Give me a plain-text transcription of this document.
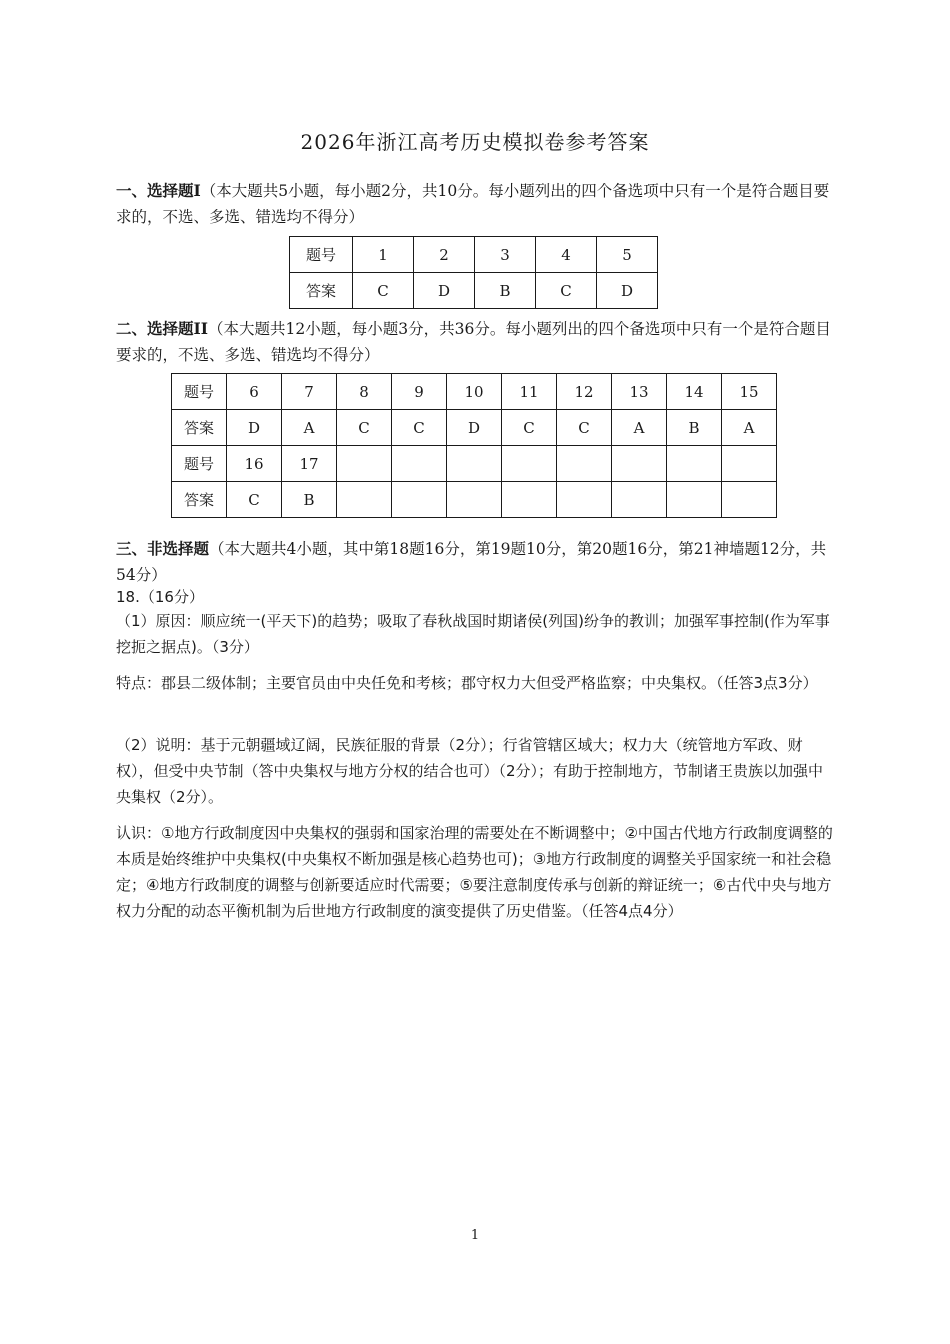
2026年浙江高考历史模拟卷参考答案
一、选择题I（本大题共5小题，每小题2分，共10分。每小题列出的四个备选项中只有一个是符合题目要求的，不选、多选、错选均不得分）
题号	1	2	3	4	5
答案	C	D	B	C	D
二、选择题II（本大题共12小题，每小题3分，共36分。每小题列出的四个备选项中只有一个是符合题目要求的，不选、多选、错选均不得分）
题号	6	7	8	9	10	11	12	13	14	15
答案	D	A	C	C	D	C	C	A	B	A
题号	16	17								
答案	C	B								
三、非选择题（本大题共4小题，其中第18题16分，第19题10分，第20题16分，第21神墙题12分，共54分）
18.（16分）
（1）原因：顺应统一(平天下)的趋势；吸取了春秋战国时期诸侯(列国)纷争的教训；加强军事控制(作为军事挖扼之据点)。（3分）
特点：郡县二级体制；主要官员由中央任免和考核；郡守权力大但受严格监察；中央集权。（任答3点3分）
（2）说明：基于元朝疆域辽阔，民族征服的背景（2分）；行省管辖区域大；权力大（统管地方军政、财权），但受中央节制（答中央集权与地方分权的结合也可）（2分）；有助于控制地方，节制诸王贵族以加强中央集权（2分）。
认识：①地方行政制度因中央集权的强弱和国家治理的需要处在不断调整中；②中国古代地方行政制度调整的本质是始终维护中央集权(中央集权不断加强是核心趋势也可)；③地方行政制度的调整关乎国家统一和社会稳定；④地方行政制度的调整与创新要适应时代需要；⑤要注意制度传承与创新的辩证统一；⑥古代中央与地方权力分配的动态平衡机制为后世地方行政制度的演变提供了历史借鉴。（任答4点4分）
1
